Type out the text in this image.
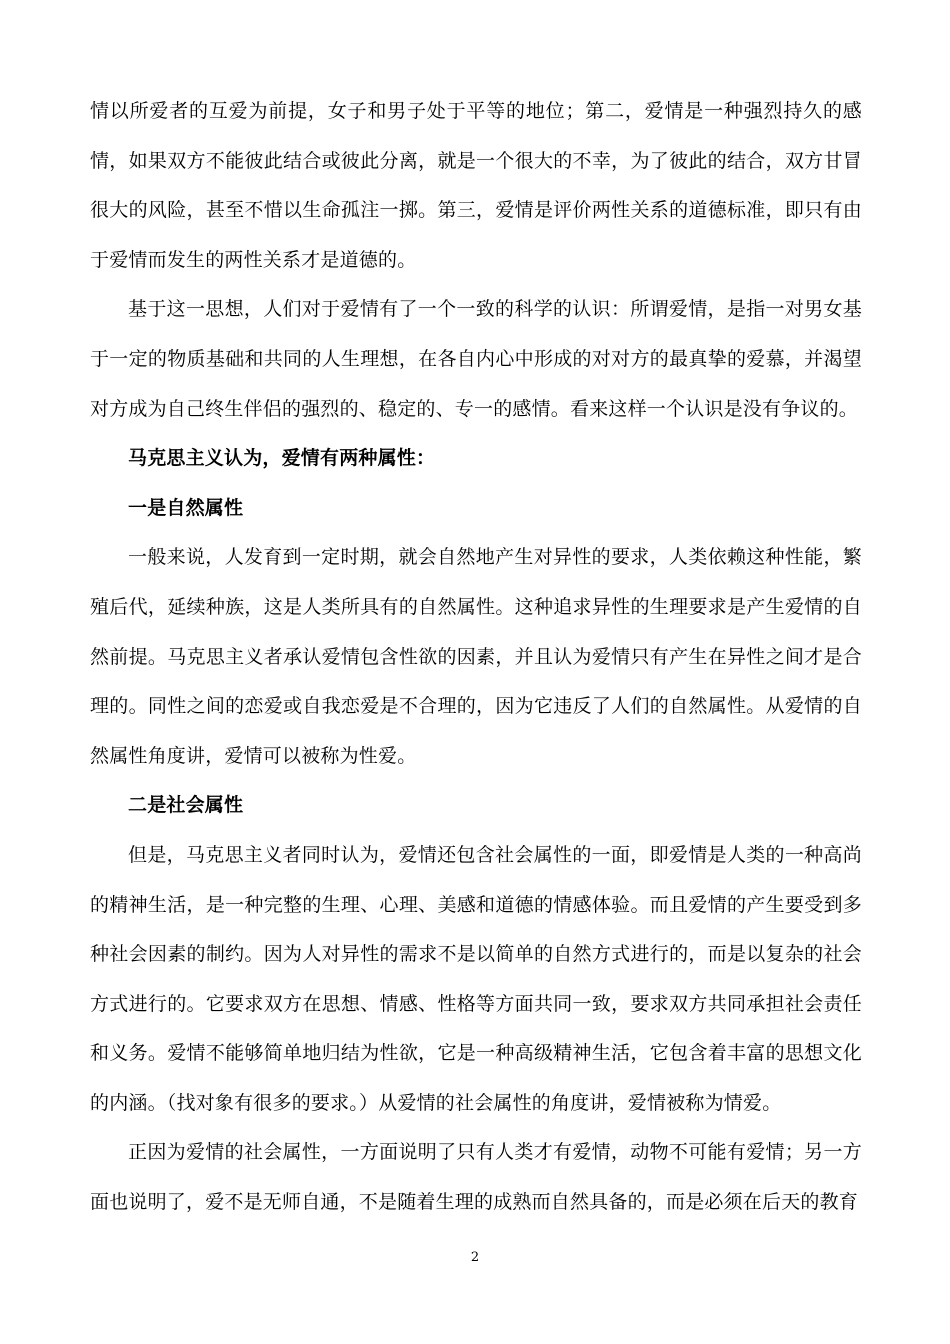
情以所爱者的互爱为前提，女子和男子处于平等的地位；第二，爱情是一种强烈持久的感情，如果双方不能彼此结合或彼此分离，就是一个很大的不幸，为了彼此的结合，双方甘冒很大的风险，甚至不惜以生命孤注一掷。第三，爱情是评价两性关系的道德标准，即只有由于爱情而发生的两性关系才是道德的。

基于这一思想，人们对于爱情有了一个一致的科学的认识：所谓爱情，是指一对男女基于一定的物质基础和共同的人生理想，在各自内心中形成的对对方的最真挚的爱慕，并渴望对方成为自己终生伴侣的强烈的、稳定的、专一的感情。看来这样一个认识是没有争议的。

马克思主义认为，爱情有两种属性：

一是自然属性

一般来说，人发育到一定时期，就会自然地产生对异性的要求，人类依赖这种性能，繁殖后代，延续种族，这是人类所具有的自然属性。这种追求异性的生理要求是产生爱情的自然前提。马克思主义者承认爱情包含性欲的因素，并且认为爱情只有产生在异性之间才是合理的。同性之间的恋爱或自我恋爱是不合理的，因为它违反了人们的自然属性。从爱情的自然属性角度讲，爱情可以被称为性爱。

二是社会属性

但是，马克思主义者同时认为，爱情还包含社会属性的一面，即爱情是人类的一种高尚的精神生活，是一种完整的生理、心理、美感和道德的情感体验。而且爱情的产生要受到多种社会因素的制约。因为人对异性的需求不是以简单的自然方式进行的，而是以复杂的社会方式进行的。它要求双方在思想、情感、性格等方面共同一致，要求双方共同承担社会责任和义务。爱情不能够简单地归结为性欲，它是一种高级精神生活，它包含着丰富的思想文化的内涵。（找对象有很多的要求。）从爱情的社会属性的角度讲，爱情被称为情爱。

正因为爱情的社会属性，一方面说明了只有人类才有爱情，动物不可能有爱情；另一方面也说明了，爱不是无师自通，不是随着生理的成熟而自然具备的，而是必须在后天的教育

2
